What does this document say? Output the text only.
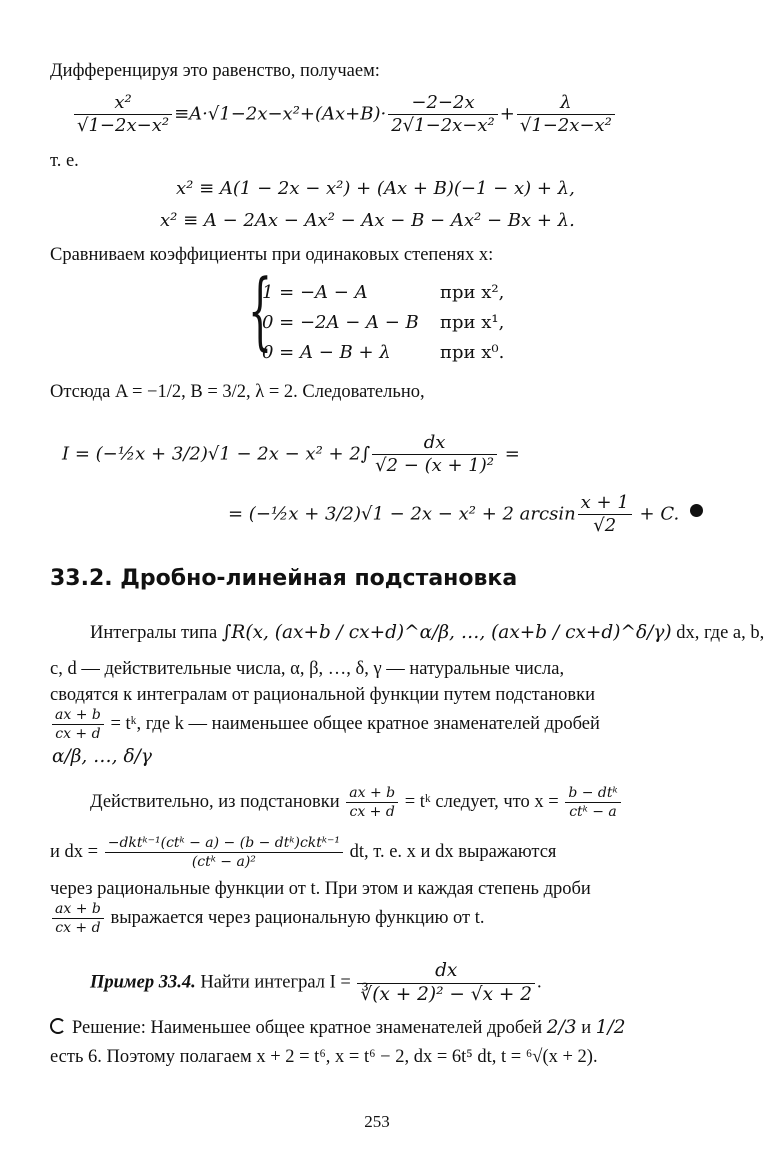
Дифференцируя это равенство, получаем:
$\frac{\text{x²}}{\text{√1−2x−x²}} \equiv A\cdot√1-2x-x^2+(Ax+B)\cdot \frac{-2-2x}{\text{2√1−2x−x²}} + \frac{\lambda}{\text{√1−2x−x²}}$
т. е.
x² ≡ A(1 − 2x − x²) + (Ax + B)(−1 − x) + λ,
x² ≡ A − 2Ax − Ax² − Ax − B − Ax² − Bx + λ.
Сравниваем коэффициенты при одинаковых степенях x:
{
1 = −A − A	при x²,
0 = −2A − A − B при x¹,
0 = A − B + λ	при x⁰.
Отсюда A = −1/2, B = 3/2, λ = 2. Следовательно,
I = (−½x + $3/2)√1 - 2x - x^2 + 2\int \frac{dx}{\text{√2 − (x + 1)²}}$ =
= (−½x + 3/2)√1 − 2x − x² + 2 $\arcsin \frac{x + 1}{√2} + C$.
33.2. Дробно-линейная подстановка
Интегралы типа ∫R(x, (ax+b / cx+d)^α/β, …, (ax+b / cx+d)^δ/γ) dx, где a, b,
c, d — действительные числа, α, β, …, δ, γ — натуральные числа,
сводятся к интегралам от рациональной функции путем подстановки
$\frac{ax + b}{cx + d}$ = tᵏ, где k — наименьшее общее кратное знаменателей дробей
α/β, …, δ/γ
Действительно, из подстановки $\frac{ax + b}{cx + d}$ = tᵏ следует, что $x = \frac{\text{b − dtᵏ}}{\text{ctᵏ − a}}$
и dx = $\frac{\text{−dktᵏ⁻¹(ctᵏ − a) − (b − dtᵏ)cktᵏ⁻¹}}{\text{(ctᵏ − a)²}}$ dt, т. е. x и dx выражаются
через рациональные функции от t. При этом и каждая степень дроби
$\frac{ax + b}{cx + d}$ выражается через рациональную функцию от t.
Пример 33.4. Найти интеграл $I = \frac{dx}{\text{∛(x + 2)² − √x + 2}}$ .
Решение: Наименьшее общее кратное знаменателей дробей 2/3 и 1/2
есть 6. Поэтому полагаем x + 2 = t⁶, x = t⁶ − 2, dx = 6t⁵ dt, t = ⁶√(x + 2).
253
